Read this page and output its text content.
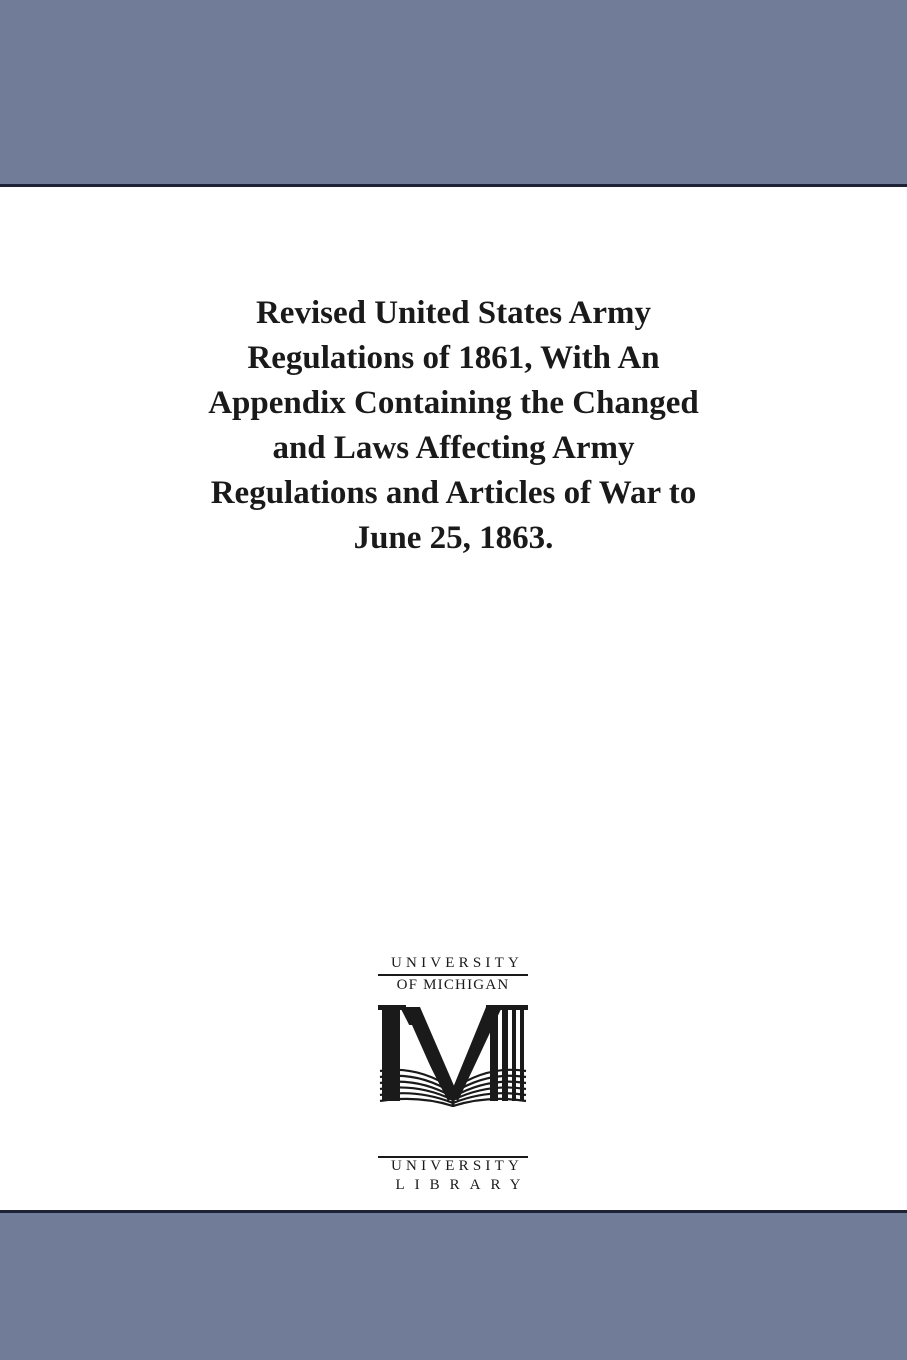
Revised United States Army
Regulations of 1861, With An
Appendix Containing the Changed
and Laws Affecting Army
Regulations and Articles of War to
June 25, 1863.
UNIVERSITY
OF MICHIGAN
UNIVERSITY
LIBRARY
